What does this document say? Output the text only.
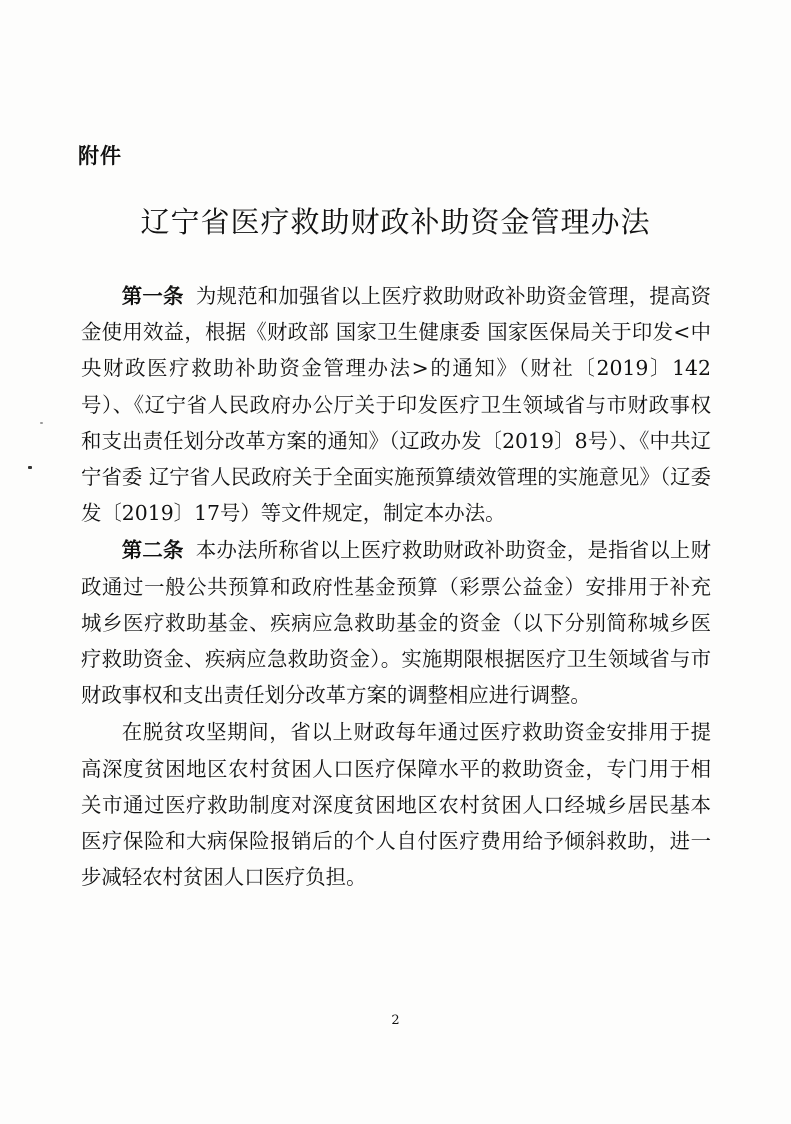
附件
辽宁省医疗救助财政补助资金管理办法

第一条 为规范和加强省以上医疗救助财政补助资金管理，提高资金使用效益，根据《财政部 国家卫生健康委 国家医保局关于印发<中央财政医疗救助补助资金管理办法>的通知》（财社〔2019〕142号）、《辽宁省人民政府办公厅关于印发医疗卫生领域省与市财政事权和支出责任划分改革方案的通知》（辽政办发〔2019〕8号）、《中共辽宁省委 辽宁省人民政府关于全面实施预算绩效管理的实施意见》（辽委发〔2019〕17号）等文件规定，制定本办法。

第二条 本办法所称省以上医疗救助财政补助资金，是指省以上财政通过一般公共预算和政府性基金预算（彩票公益金）安排用于补充城乡医疗救助基金、疾病应急救助基金的资金（以下分别简称城乡医疗救助资金、疾病应急救助资金）。实施期限根据医疗卫生领域省与市财政事权和支出责任划分改革方案的调整相应进行调整。

在脱贫攻坚期间，省以上财政每年通过医疗救助资金安排用于提高深度贫困地区农村贫困人口医疗保障水平的救助资金，专门用于相关市通过医疗救助制度对深度贫困地区农村贫困人口经城乡居民基本医疗保险和大病保险报销后的个人自付医疗费用给予倾斜救助，进一步减轻农村贫困人口医疗负担。

2
